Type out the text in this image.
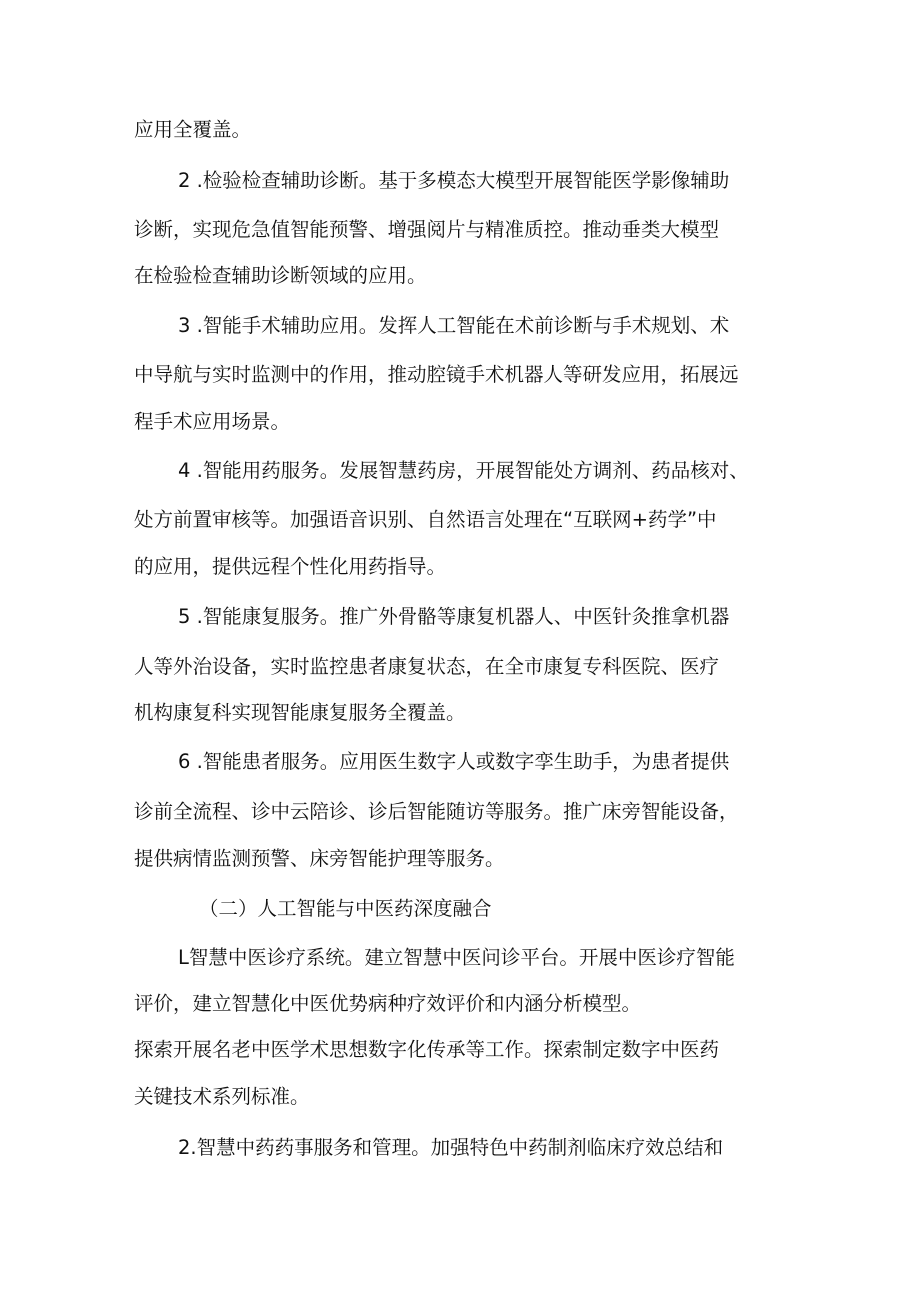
应用全覆盖。
2 .检验检查辅助诊断。基于多模态大模型开展智能医学影像辅助
诊断，实现危急值智能预警、增强阅片与精准质控。推动垂类大模型
在检验检查辅助诊断领域的应用。
3 .智能手术辅助应用。发挥人工智能在术前诊断与手术规划、术
中导航与实时监测中的作用，推动腔镜手术机器人等研发应用，拓展远
程手术应用场景。
4 .智能用药服务。发展智慧药房，开展智能处方调剂、药品核对、
处方前置审核等。加强语音识别、自然语言处理在“互联网+药学”中
的应用，提供远程个性化用药指导。
5 .智能康复服务。推广外骨骼等康复机器人、中医针灸推拿机器
人等外治设备，实时监控患者康复状态，在全市康复专科医院、医疗
机构康复科实现智能康复服务全覆盖。
6 .智能患者服务。应用医生数字人或数字孪生助手，为患者提供
诊前全流程、诊中云陪诊、诊后智能随访等服务。推广床旁智能设备，
提供病情监测预警、床旁智能护理等服务。
（二）人工智能与中医药深度融合
L智慧中医诊疗系统。建立智慧中医问诊平台。开展中医诊疗智能
评价，建立智慧化中医优势病种疗效评价和内涵分析模型。
探索开展名老中医学术思想数字化传承等工作。探索制定数字中医药
关键技术系列标准。
2.智慧中药药事服务和管理。加强特色中药制剂临床疗效总结和
